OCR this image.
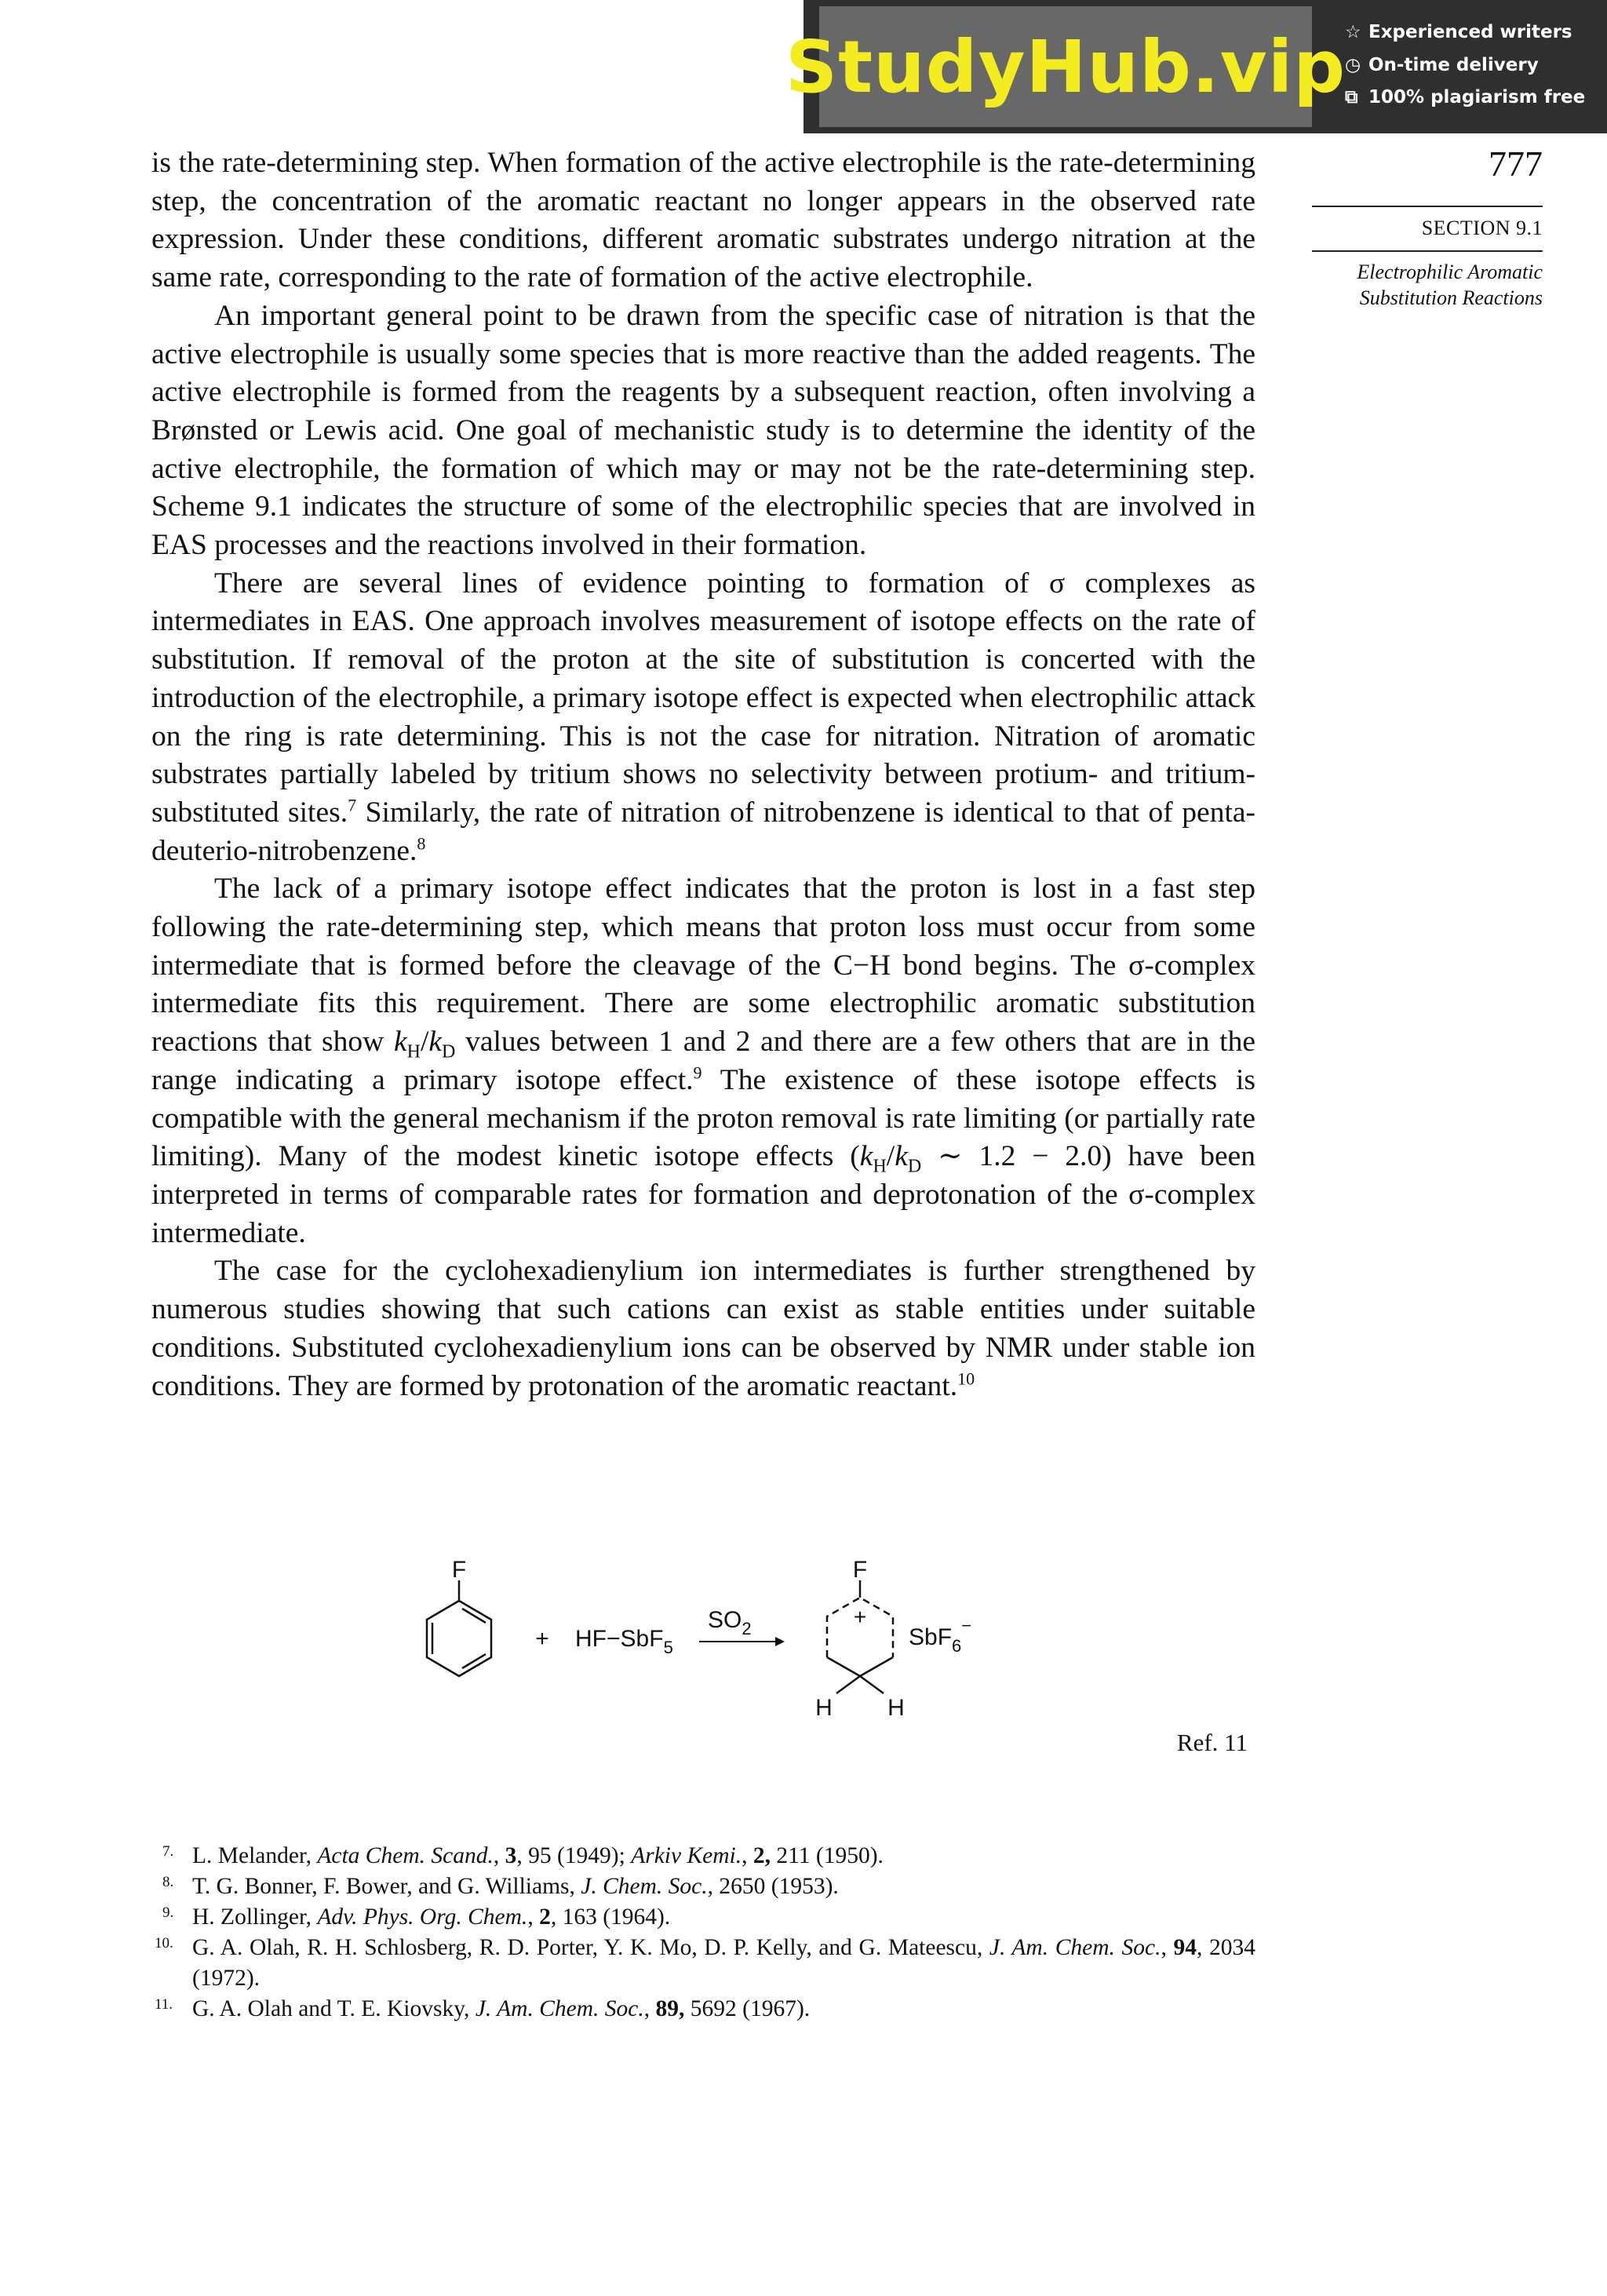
StudyHub.vip
☆ Experienced writers
◷ On-time delivery
⧉ 100% plagiarism free
777
SECTION 9.1
Electrophilic Aromatic
Substitution Reactions

is the rate-determining step. When formation of the active electrophile is the rate-determining step, the concentration of the aromatic reactant no longer appears in the observed rate expression. Under these conditions, different aromatic substrates undergo nitration at the same rate, corresponding to the rate of formation of the active electrophile.

An important general point to be drawn from the specific case of nitration is that the active electrophile is usually some species that is more reactive than the added reagents. The active electrophile is formed from the reagents by a subsequent reaction, often involving a Brønsted or Lewis acid. One goal of mechanistic study is to determine the identity of the active electrophile, the formation of which may or may not be the rate-determining step. Scheme 9.1 indicates the structure of some of the electrophilic species that are involved in EAS processes and the reactions involved in their formation.

There are several lines of evidence pointing to formation of σ complexes as intermediates in EAS. One approach involves measurement of isotope effects on the rate of substitution. If removal of the proton at the site of substitution is concerted with the introduction of the electrophile, a primary isotope effect is expected when electrophilic attack on the ring is rate determining. This is not the case for nitration. Nitration of aromatic substrates partially labeled by tritium shows no selectivity between protium- and tritium-substituted sites.$^7$ Similarly, the rate of nitration of nitrobenzene is identical to that of penta-deuterio-nitrobenzene.$^8$

The lack of a primary isotope effect indicates that the proton is lost in a fast step following the rate-determining step, which means that proton loss must occur from some intermediate that is formed before the cleavage of the C−H bond begins. The σ-complex intermediate fits this requirement. There are some electrophilic aromatic substitution reactions that show $k_H/k_D$ values between 1 and 2 and there are a few others that are in the range indicating a primary isotope effect.$^9$ The existence of these isotope effects is compatible with the general mechanism if the proton removal is rate limiting (or partially rate limiting). Many of the modest kinetic isotope effects ($k_H/k_D$ ∼ 1.2 − 2.0) have been interpreted in terms of comparable rates for formation and deprotonation of the σ-complex intermediate.

The case for the cyclohexadienylium ion intermediates is further strengthened by numerous studies showing that such cations can exist as stable entities under suitable conditions. Substituted cyclohexadienylium ions can be observed by NMR under stable ion conditions. They are formed by protonation of the aromatic reactant.$^{10}$

F
+ HF−SbF$_5$
$SO_2$
F
+
H H
SbF$_6$−
Ref. 11
7. L. Melander, Acta Chem. Scand., 3, 95 (1949); Arkiv Kemi., 2, 211 (1950).
8. T. G. Bonner, F. Bower, and G. Williams, J. Chem. Soc., 2650 (1953).
9. H. Zollinger, Adv. Phys. Org. Chem., 2, 163 (1964).
10. G. A. Olah, R. H. Schlosberg, R. D. Porter, Y. K. Mo, D. P. Kelly, and G. Mateescu, J. Am. Chem. Soc., 94, 2034 (1972).
11. G. A. Olah and T. E. Kiovsky, J. Am. Chem. Soc., 89, 5692 (1967).
